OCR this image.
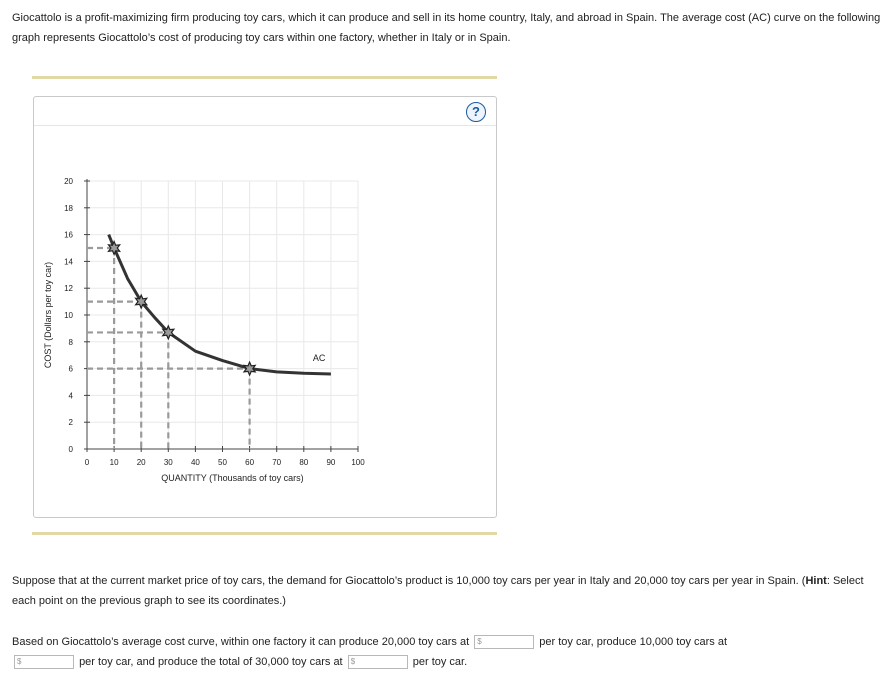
Giocattolo is a profit-maximizing firm producing toy cars, which it can produce and sell in its home country, Italy, and abroad in Spain. The average cost (AC) curve on the following graph represents Giocattolo’s cost of producing toy cars within one factory, whether in Italy or in Spain.
?
0	10 20 30 40 50 60 70 80 90 100
0
2
4
6
8
10
12
14
16
18
20
QUANTITY (Thousands of toy cars)
COST (Dollars per toy car)	AC
Suppose that at the current market price of toy cars, the demand for Giocattolo’s product is 10,000 toy cars per year in Italy and 20,000 toy cars per year in Spain. (Hint: Select each point on the previous graph to see its coordinates.)
Based on Giocattolo’s average cost curve, within one factory it can produce 20,000 toy cars at $	per toy car, produce 10,000 toy cars at
$	per toy car, and produce the total of 30,000 toy cars at $	per toy car.
